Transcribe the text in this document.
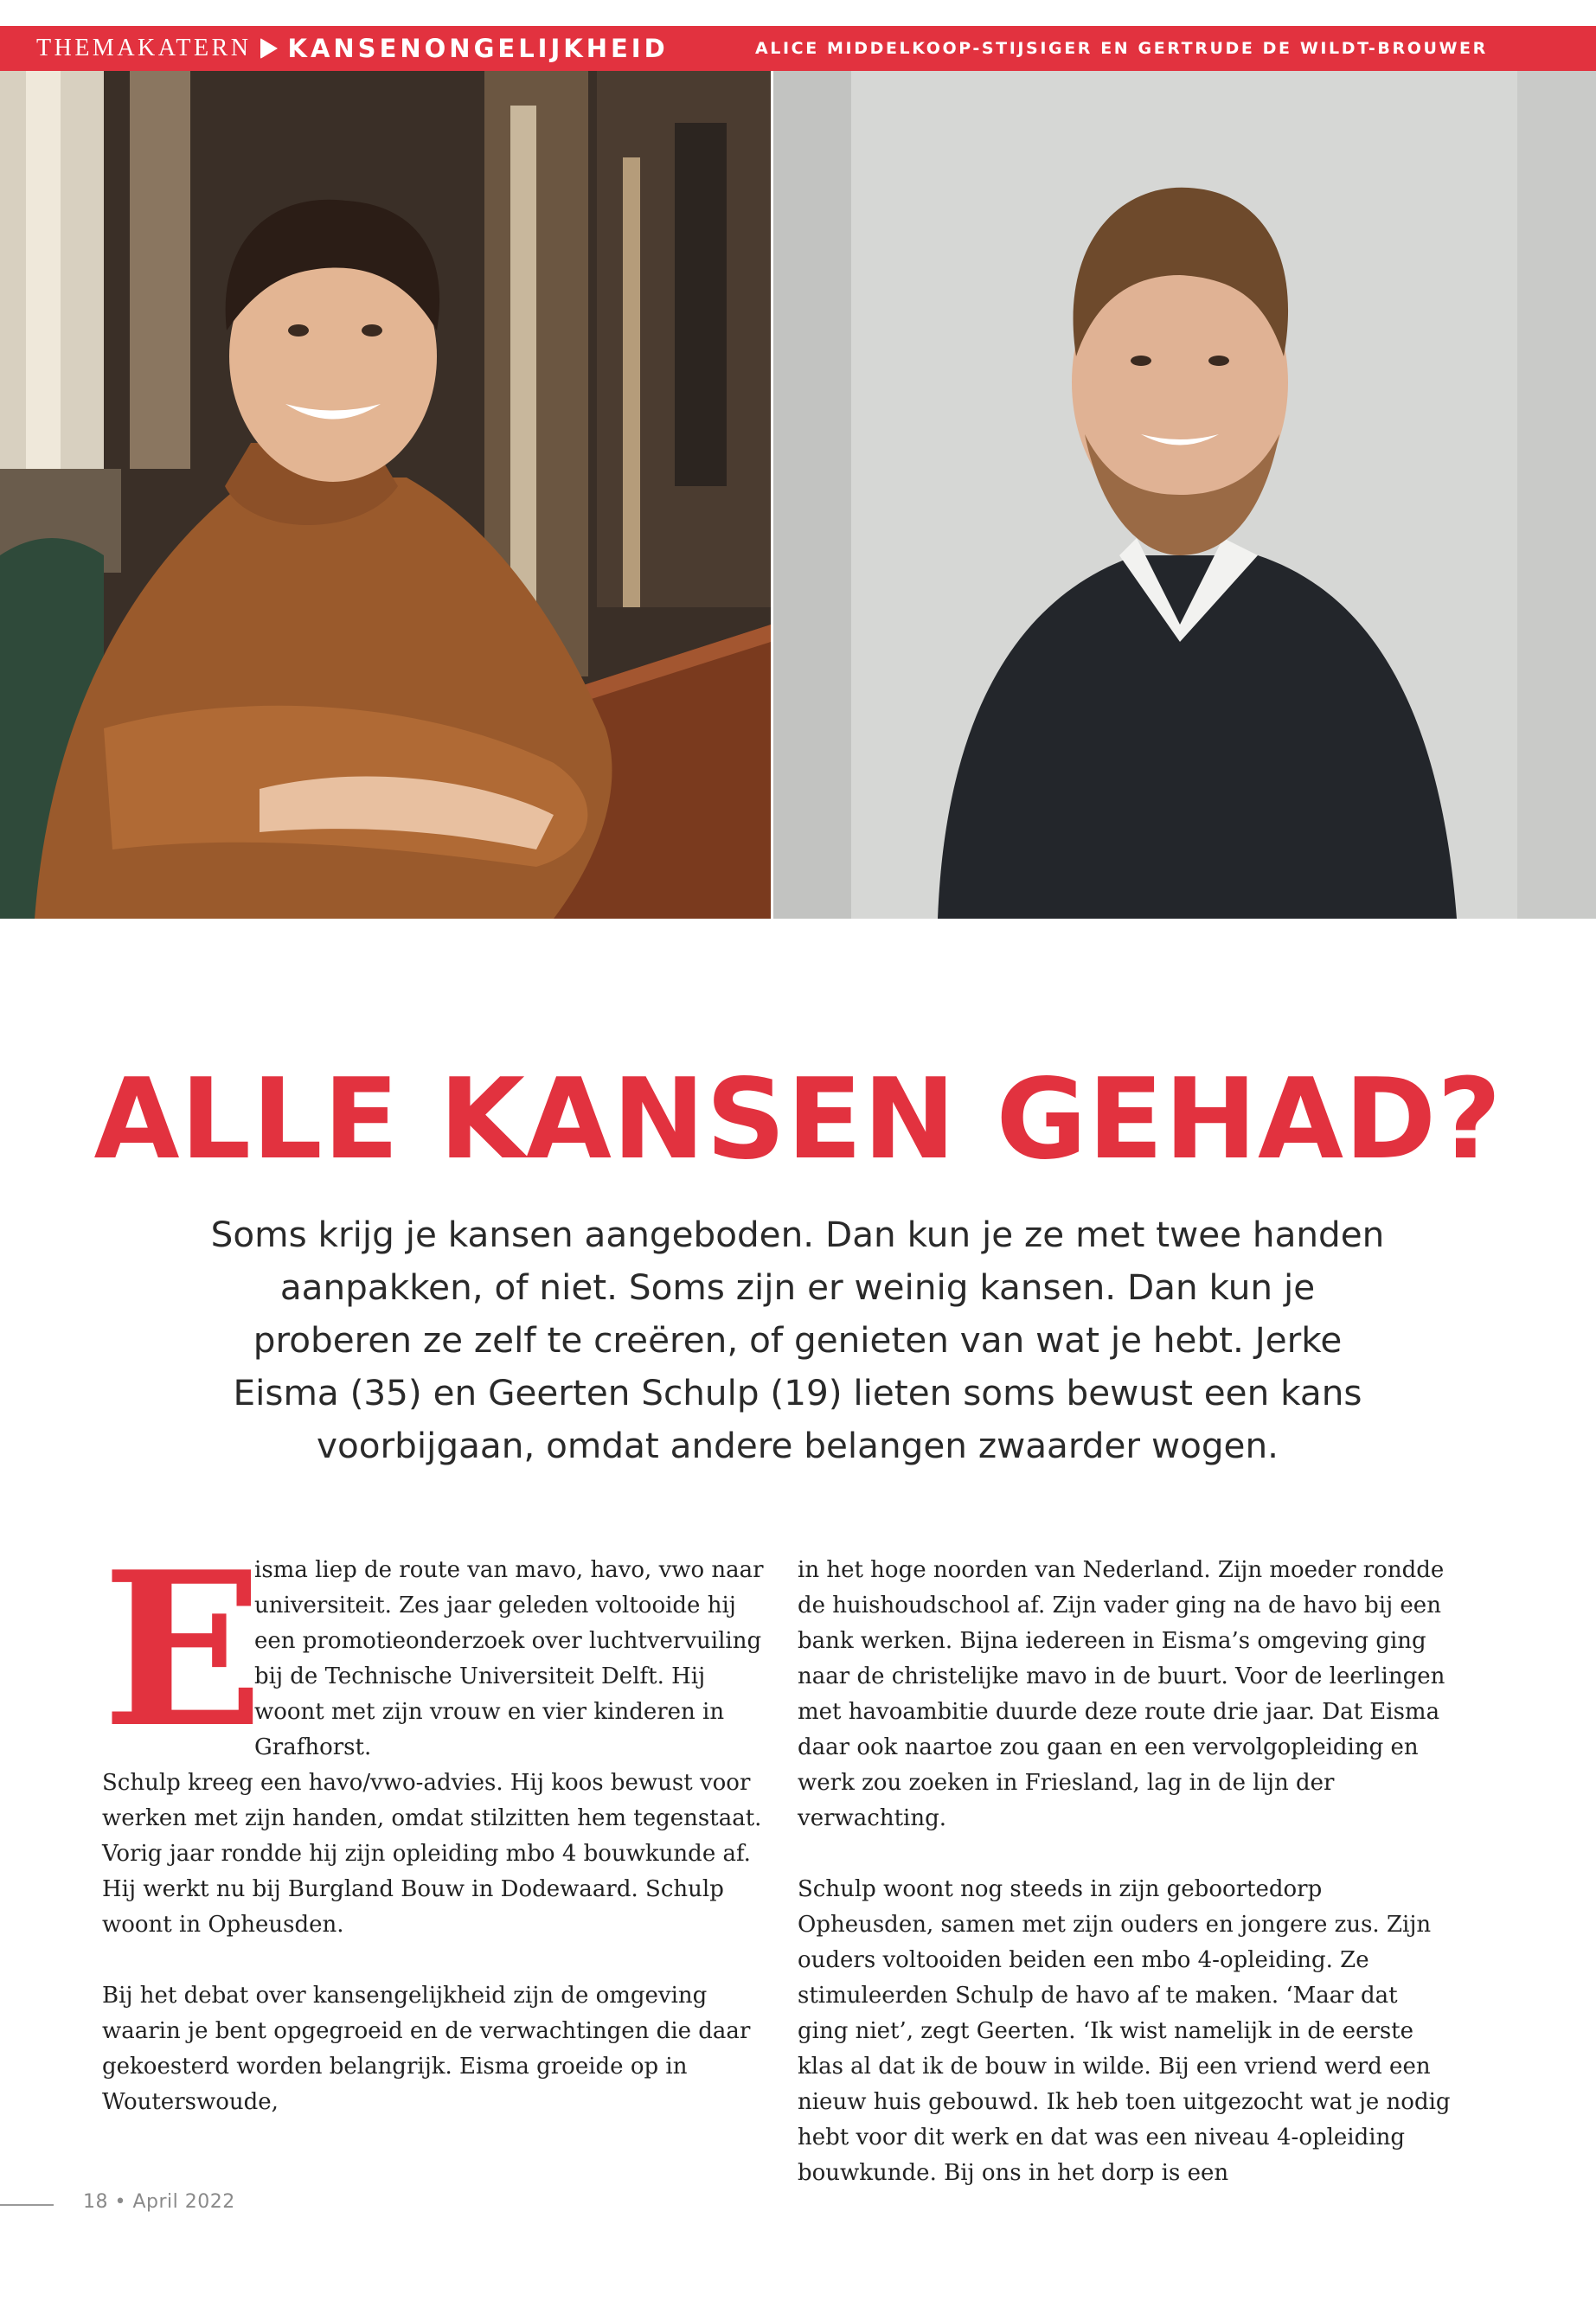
THEMAKATERN KANSENONGELIJKHEID	ALICE MIDDELKOOP-STIJSIGER EN GERTRUDE DE WILDT-BROUWER
ALLE KANSEN GEHAD?
Soms krijg je kansen aangeboden. Dan kun je ze met twee handen aanpakken, of niet. Soms zijn er weinig kansen. Dan kun je proberen ze zelf te creëren, of genieten van wat je hebt. Jerke Eisma (35) en Geerten Schulp (19) lieten soms bewust een kans voorbijgaan, omdat andere belangen zwaarder wogen.
E

isma liep de route van mavo, havo, vwo naar universiteit. Zes jaar geleden voltooide hij een promotieonderzoek over luchtvervuiling bij de Technische Universiteit Delft. Hij woont met zijn vrouw en vier kinderen in Grafhorst.

Schulp kreeg een havo/vwo-advies. Hij koos bewust voor werken met zijn handen, omdat stilzitten hem tegenstaat. Vorig jaar rondde hij zijn opleiding mbo 4 bouwkunde af. Hij werkt nu bij Burgland Bouw in Dodewaard. Schulp woont in Opheusden.

Bij het debat over kansengelijkheid zijn de omgeving waarin je bent opgegroeid en de verwachtingen die daar gekoesterd worden belangrijk. Eisma groeide op in Wouterswoude,

in het hoge noorden van Nederland. Zijn moeder rondde de huishoudschool af. Zijn vader ging na de havo bij een bank werken. Bijna iedereen in Eisma’s omgeving ging naar de christelijke mavo in de buurt. Voor de leerlingen met havoambitie duurde deze route drie jaar. Dat Eisma daar ook naartoe zou gaan en een vervolgopleiding en werk zou zoeken in Friesland, lag in de lijn der verwachting.

Schulp woont nog steeds in zijn geboortedorp Opheusden, samen met zijn ouders en jongere zus. Zijn ouders voltooiden beiden een mbo 4-opleiding. Ze stimuleerden Schulp de havo af te maken. ‘Maar dat ging niet’, zegt Geerten. ‘Ik wist namelijk in de eerste klas al dat ik de bouw in wilde. Bij een vriend werd een nieuw huis gebouwd. Ik heb toen uitgezocht wat je nodig hebt voor dit werk en dat was een niveau 4-opleiding bouwkunde. Bij ons in het dorp is een

18 • April 2022
